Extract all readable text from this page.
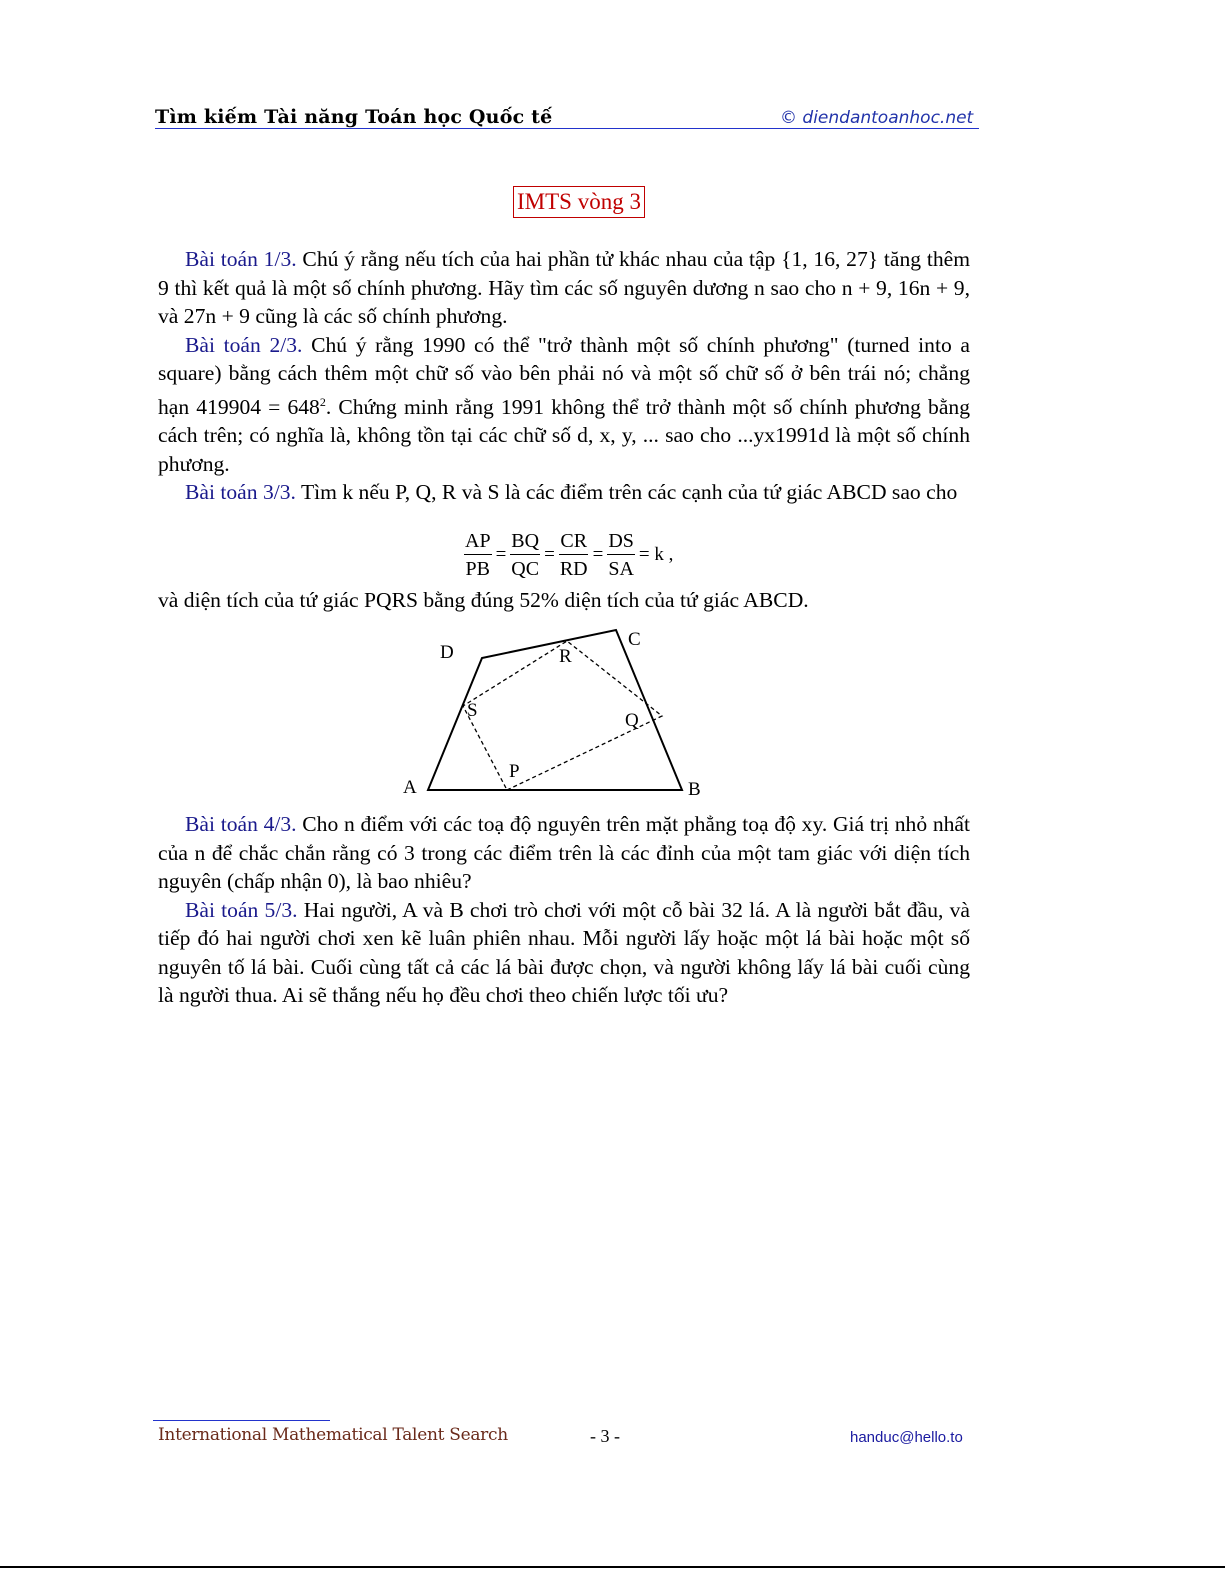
Tìm kiếm Tài năng Toán học Quốc tế	© diendantoanhoc.net
IMTS vòng 3

Bài toán 1/3. Chú ý rằng nếu tích của hai phần tử khác nhau của tập {1, 16, 27} tăng thêm 9 thì kết quả là một số chính phương. Hãy tìm các số nguyên dương n sao cho n + 9, 16n + 9, và 27n + 9 cũng là các số chính phương.

Bài toán 2/3. Chú ý rằng 1990 có thể "trở thành một số chính phương" (turned into a square) bằng cách thêm một chữ số vào bên phải nó và một số chữ số ở bên trái nó; chẳng hạn $419904 = 648^2$. Chứng minh rằng 1991 không thể trở thành một số chính phương bằng cách trên; có nghĩa là, không tồn tại các chữ số d, x, y, ... sao cho ...yx1991d là một số chính phương.

Bài toán 3/3. Tìm k nếu P, Q, R và S là các điểm trên các cạnh của tứ giác ABCD sao cho

$\frac{AP}{PB} = \frac{BQ}{QC} = \frac{CR}{RD} = \frac{DS}{SA} = k$ ,

và diện tích của tứ giác PQRS bằng đúng 52% diện tích của tứ giác ABCD.

A	B
C
D
P
Q
R
S

Bài toán 4/3. Cho n điểm với các toạ độ nguyên trên mặt phẳng toạ độ xy. Giá trị nhỏ nhất của n để chắc chắn rằng có 3 trong các điểm trên là các đỉnh của một tam giác với diện tích nguyên (chấp nhận 0), là bao nhiêu?

Bài toán 5/3. Hai người, A và B chơi trò chơi với một cỗ bài 32 lá. A là người bắt đầu, và tiếp đó hai người chơi xen kẽ luân phiên nhau. Mỗi người lấy hoặc một lá bài hoặc một số nguyên tố lá bài. Cuối cùng tất cả các lá bài được chọn, và người không lấy lá bài cuối cùng là người thua. Ai sẽ thắng nếu họ đều chơi theo chiến lược tối ưu?

International Mathematical Talent Search	- 3 -	handuc@hello.to
